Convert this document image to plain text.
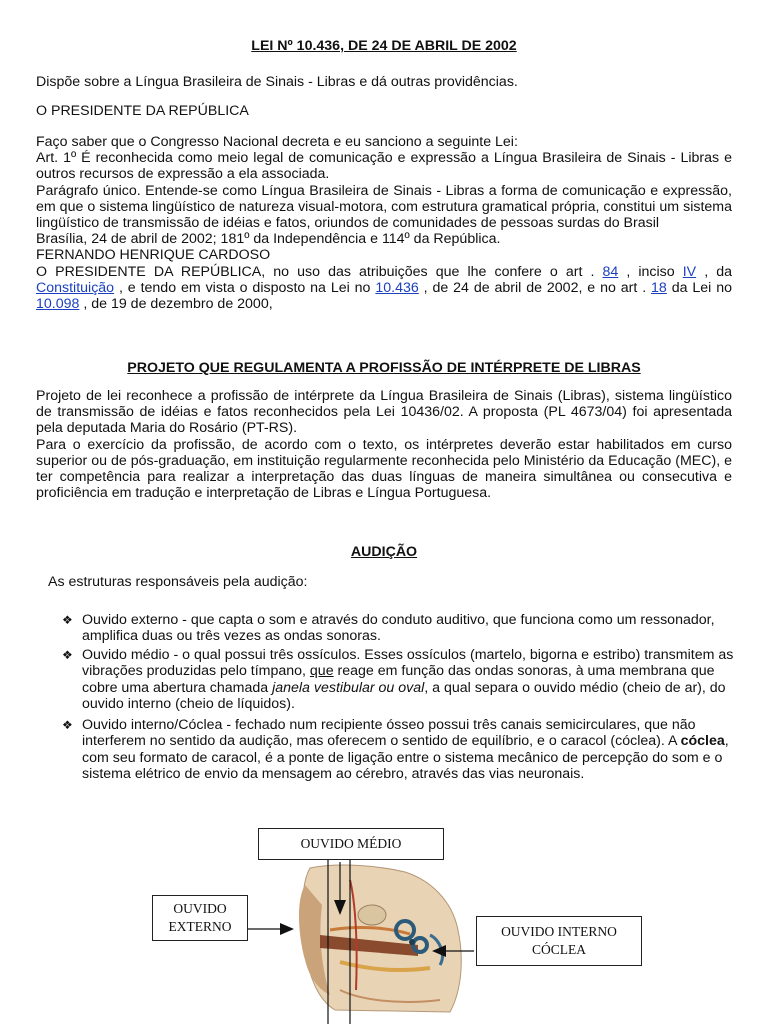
LEI Nº 10.436, DE 24 DE ABRIL DE 2002
Dispõe sobre a Língua Brasileira de Sinais - Libras e dá outras providências.
O PRESIDENTE DA REPÚBLICA
Faço saber que o Congresso Nacional decreta e eu sanciono a seguinte Lei:
Art. 1º É reconhecida como meio legal de comunicação e expressão a Língua Brasileira de Sinais - Libras e outros recursos de expressão a ela associada.
Parágrafo único. Entende-se como Língua Brasileira de Sinais - Libras a forma de comunicação e expressão, em que o sistema lingüístico de natureza visual-motora, com estrutura gramatical própria, constitui um sistema lingüístico de transmissão de idéias e fatos, oriundos de comunidades de pessoas surdas do Brasil
Brasília, 24 de abril de 2002; 181º da Independência e 114º da República.
FERNANDO HENRIQUE CARDOSO
O PRESIDENTE DA REPÚBLICA, no uso das atribuições que lhe confere o art . 84 , inciso IV , da Constituição , e tendo em vista o disposto na Lei no 10.436 , de 24 de abril de 2002, e no art . 18 da Lei no 10.098 , de 19 de dezembro de 2000,
PROJETO QUE REGULAMENTA A PROFISSÃO DE INTÉRPRETE DE LIBRAS
Projeto de lei reconhece a profissão de intérprete da Língua Brasileira de Sinais (Libras), sistema lingüístico de transmissão de idéias e fatos reconhecidos pela Lei 10436/02. A proposta (PL 4673/04) foi apresentada pela deputada Maria do Rosário (PT-RS).
Para o exercício da profissão, de acordo com o texto, os intérpretes deverão estar habilitados em curso superior ou de pós-graduação, em instituição regularmente reconhecida pelo Ministério da Educação (MEC), e ter competência para realizar a interpretação das duas línguas de maneira simultânea ou consecutiva e proficiência em tradução e interpretação de Libras e Língua Portuguesa.
AUDIÇÃO
As estruturas responsáveis pela audição:
❖ Ouvido externo - que capta o som e através do conduto auditivo, que funciona como um ressonador, amplifica duas ou três vezes as ondas sonoras.
❖ Ouvido médio - o qual possui três ossículos. Esses ossículos (martelo, bigorna e estribo) transmitem as vibrações produzidas pelo tímpano, que reage em função das ondas sonoras, à uma membrana que cobre uma abertura chamada janela vestibular ou oval, a qual separa o ouvido médio (cheio de ar), do ouvido interno (cheio de líquidos).
❖ Ouvido interno/Cóclea - fechado num recipiente ósseo possui três canais semicirculares, que não interferem no sentido da audição, mas oferecem o sentido de equilíbrio, e o caracol (cóclea). A cóclea, com seu formato de caracol, é a ponte de ligação entre o sistema mecânico de percepção do som e o sistema elétrico de envio da mensagem ao cérebro, através das vias neuronais.
OUVIDO MÉDIO
OUVIDO
EXTERNO	OUVIDO INTERNO
CÓCLEA
